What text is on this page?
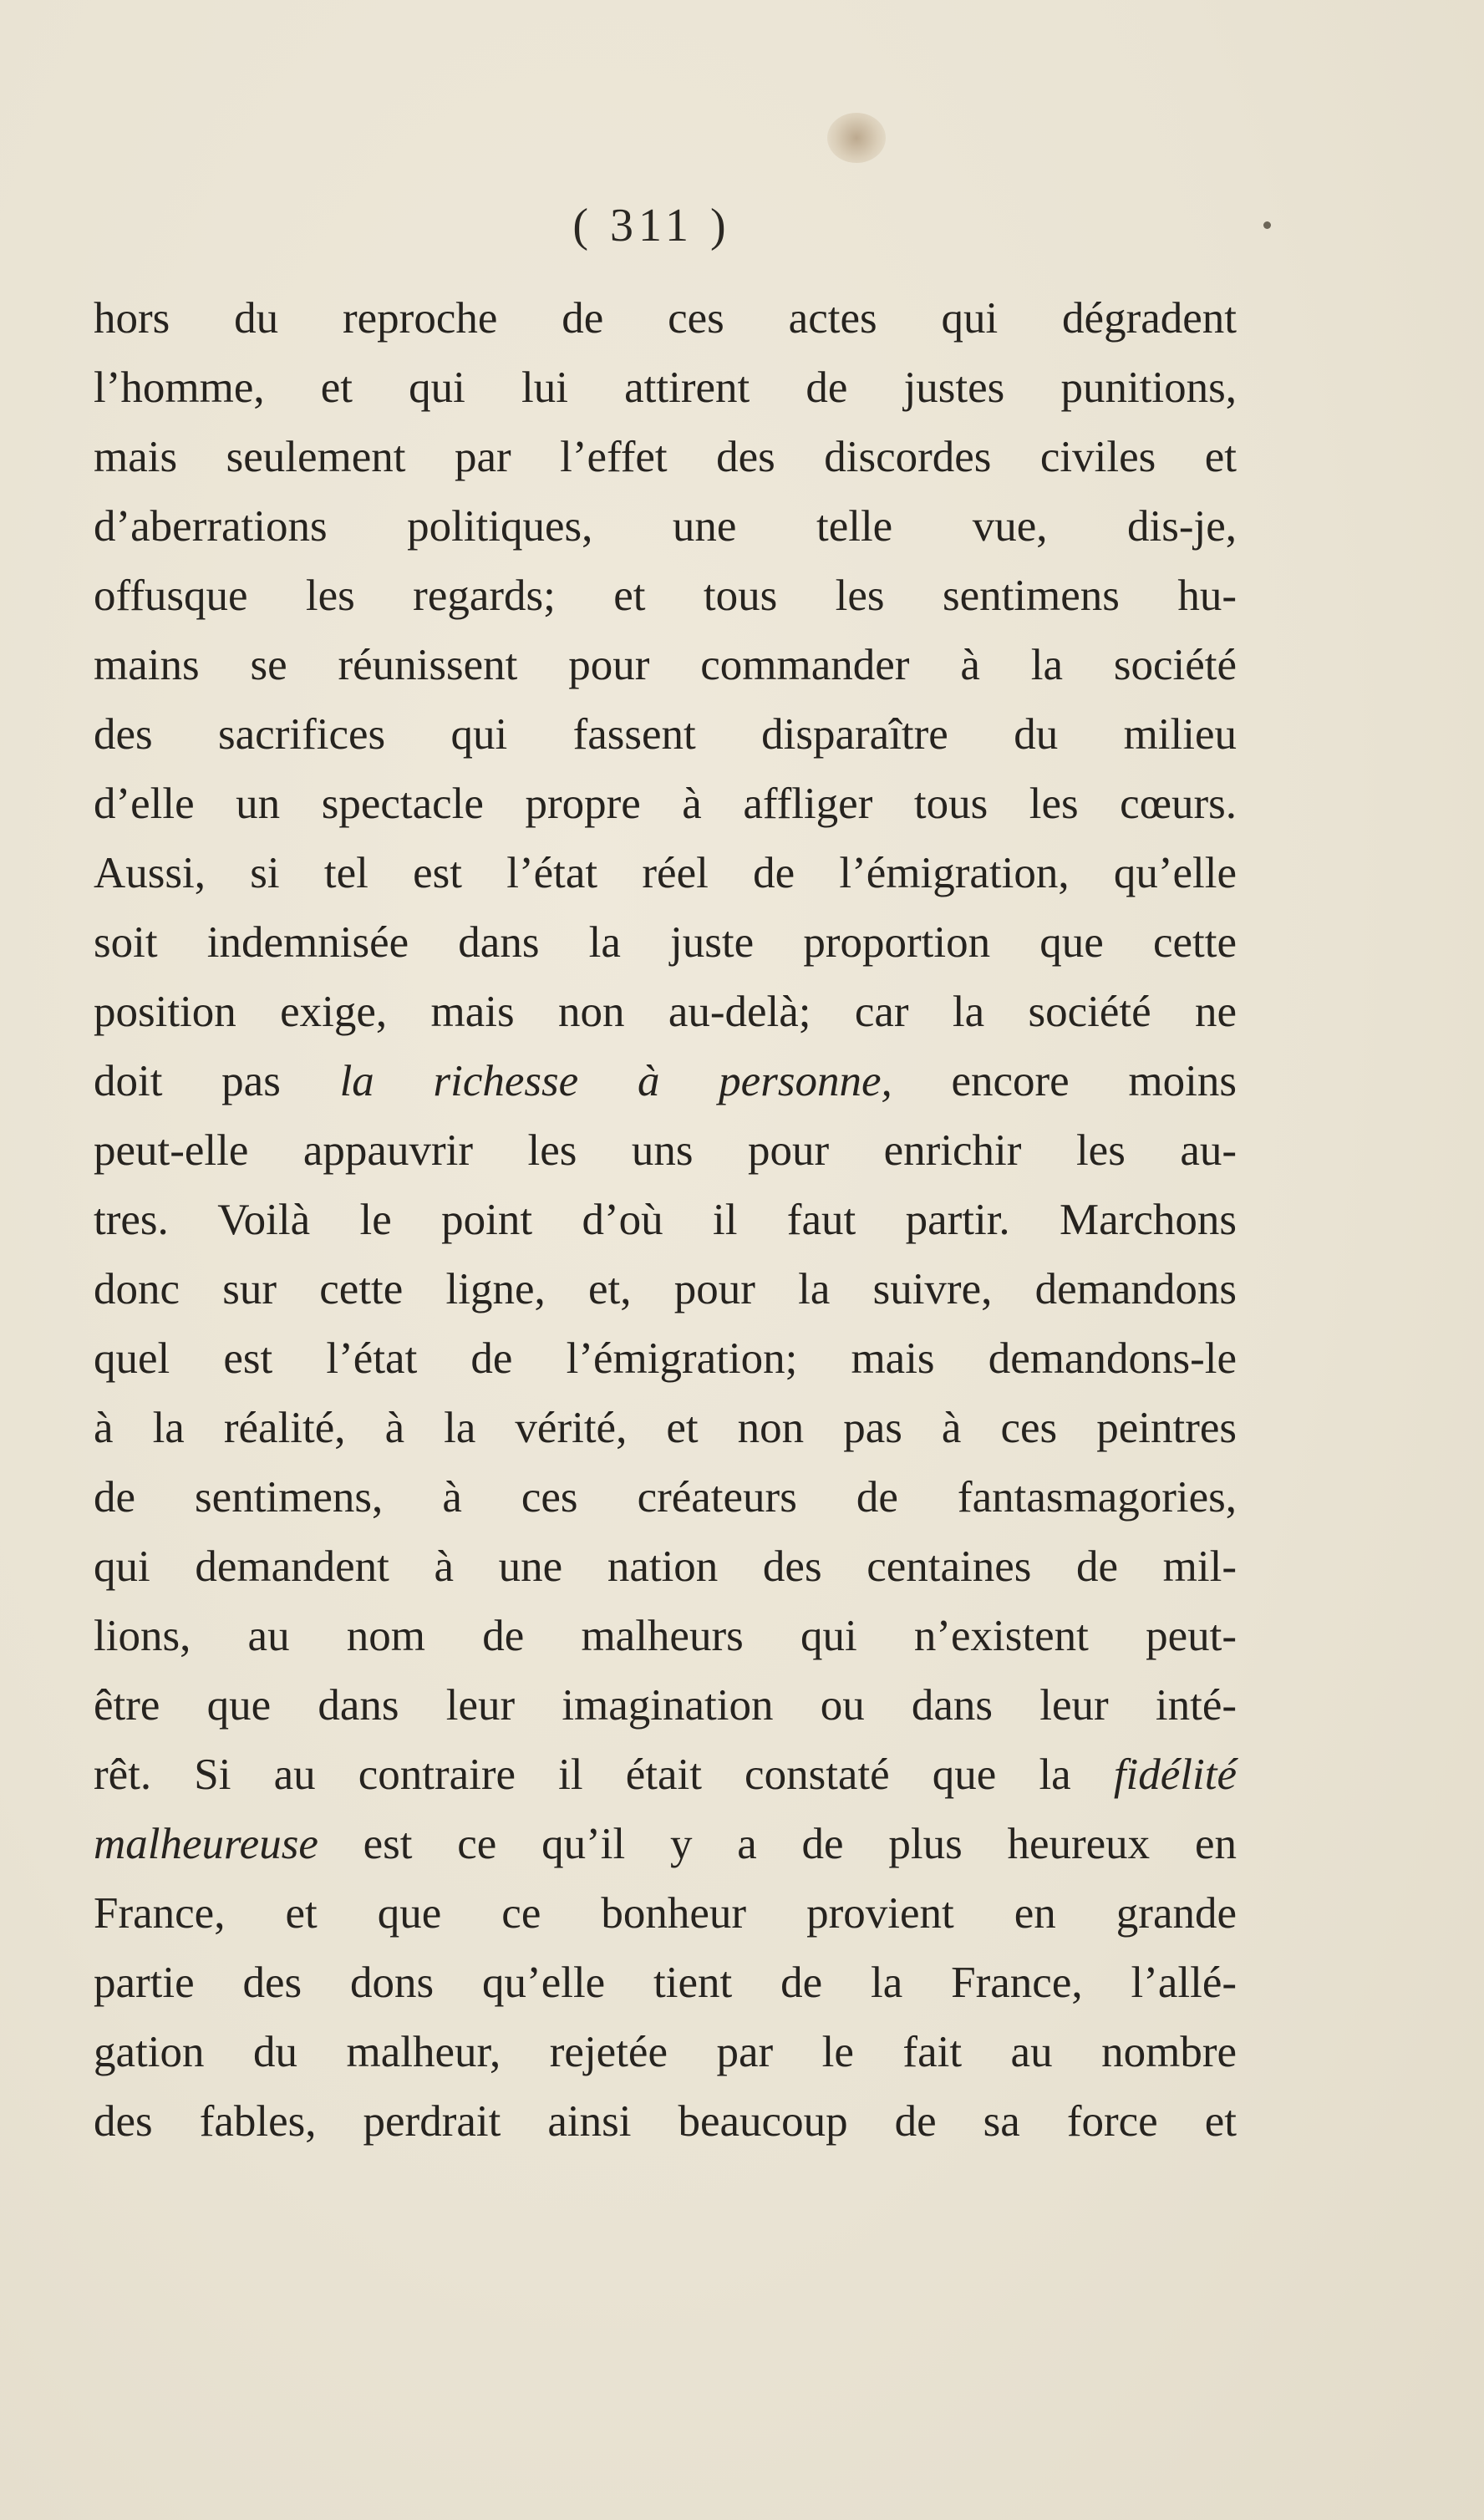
( 311 )
hors du reproche de ces actes qui dégradent
l’homme, et qui lui attirent de justes punitions,
mais seulement par l’effet des discordes civiles et
d’aberrations politiques, une telle vue, dis-je,
offusque les regards; et tous les sentimens hu-
mains se réunissent pour commander à la société
des sacrifices qui fassent disparaître du milieu
d’elle un spectacle propre à affliger tous les cœurs.
Aussi, si tel est l’état réel de l’émigration, qu’elle
soit indemnisée dans la juste proportion que cette
position exige, mais non au-delà; car la société ne
doit pas la richesse à personne, encore moins
peut-elle appauvrir les uns pour enrichir les au-
tres. Voilà le point d’où il faut partir. Marchons
donc sur cette ligne, et, pour la suivre, demandons
quel est l’état de l’émigration; mais demandons-le
à la réalité, à la vérité, et non pas à ces peintres
de sentimens, à ces créateurs de fantasmagories,
qui demandent à une nation des centaines de mil-
lions, au nom de malheurs qui n’existent peut-
être que dans leur imagination ou dans leur inté-
rêt. Si au contraire il était constaté que la fidélité
malheureuse est ce qu’il y a de plus heureux en
France, et que ce bonheur provient en grande
partie des dons qu’elle tient de la France, l’allé-
gation du malheur, rejetée par le fait au nombre
des fables, perdrait ainsi beaucoup de sa force et
